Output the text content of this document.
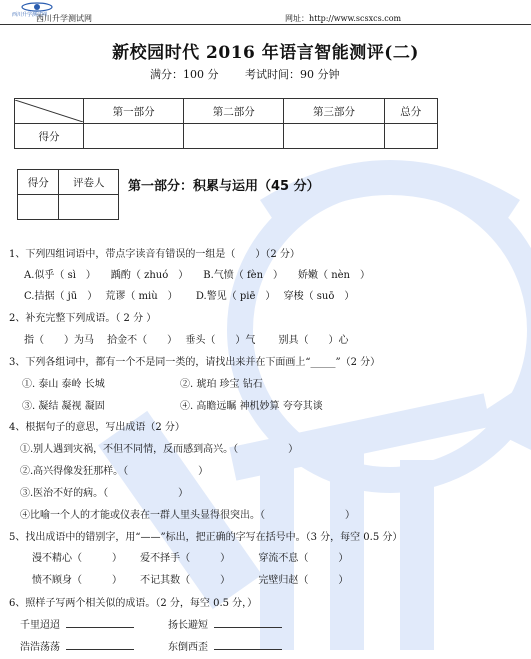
西川升学测试网
西川升学测试网	网址：http://www.scsxcs.com
新校园时代 2016 年语言智能测评(二)
满分：100 分 考试时间：90 分钟
	第一部分	第二部分	第三部分	总分
得分				
得分	评卷人
	第一部分：积累与运用（45 分）
1、下列四组词语中，带点字读音有错误的一组是（　　）（2 分）
A.似乎（ sì　）　　踽酌（ zhuó　）　　B.气愤（ fèn　）　　娇嫩（ nèn　）
C.拮据（ jū　）　 荒谬（ miù　）　　 D.警见（ piē　）　 穿梭（ suō　）
2、补充完整下列成语。（ 2 分 ）
指（　　）为马　 拾金不（　　）　 垂头（　　）气　　 别具（　　）心
3、下列各组词中，都有一个不是同一类的，请找出来并在下面画上“_____”（2 分）
①. 泰山 泰岭 长城	②. 琥珀 珍宝 钻石
③. 凝结 凝视 凝固	④. 高瞻远瞩 神机妙算 夸夸其谈
4、根据句子的意思，写出成语（2 分）
①.别人遇到灾祸，不但不同情，反而感到高兴。（　　　　　）
②.高兴得像发狂那样。（　　　　　　　）
③.医治不好的病。（　　　　　　　）
④比喻一个人的才能或仪表在一群人里头显得很突出。（　　　　　　　　）
5、找出成语中的错别字，用“——”标出，把正确的字写在括号中。（3 分，每空 0.5 分）
漫不精心（　　　）　　 爱不择手（　　　）　　　 穿流不息（　　　）
愤不顾身（　　　）　　 不记其数（　　　）　　　 完壁归赵（　　　）
6、照样子写两个相关似的成语。（2 分，每空 0.5 分，）
千里迢迢	扬长避短
浩浩荡荡	东倒西歪
